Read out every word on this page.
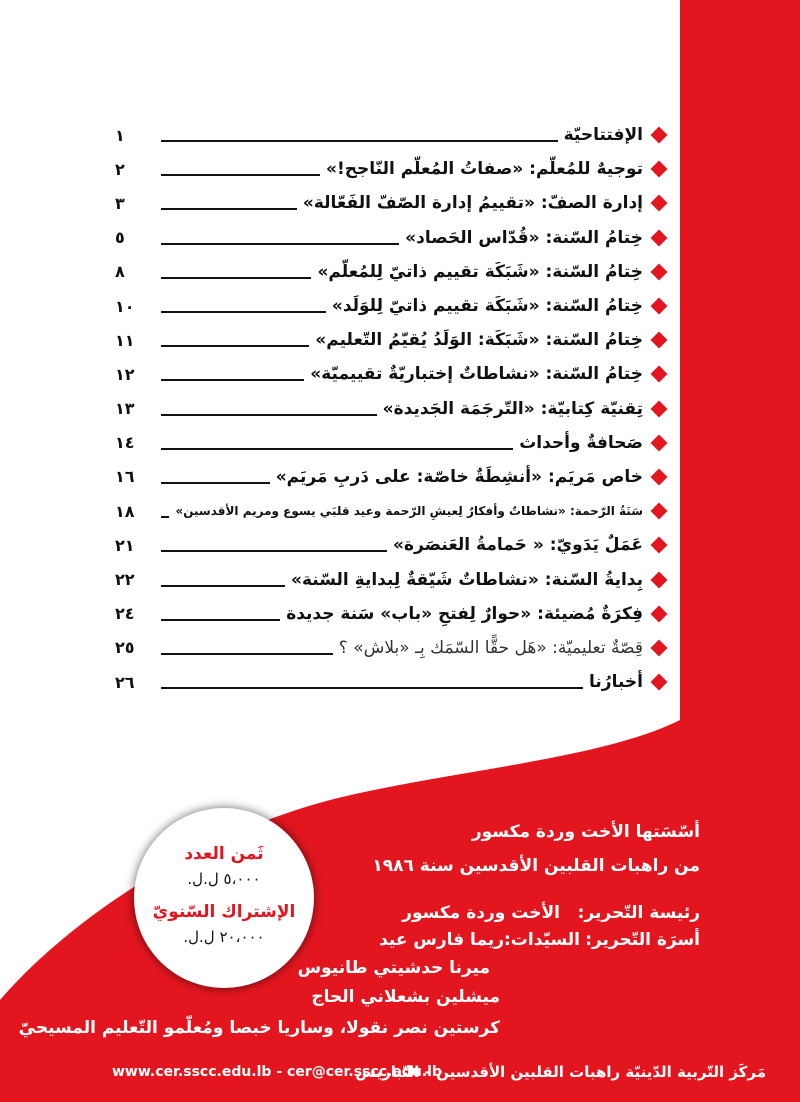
الإفتتاحيّة
١
توجيهٌ للمُعلّم: «صفاتُ المُعلّم النّاجح!»
٢
إدارة الصفّ: «تقييمُ إدارة الصّفّ الفَعّالة»
٣
خِتامُ السّنة: «قُدّاس الحَصاد»
٥
خِتامُ السّنة: «شَبَكَة تقييم ذاتيّ لِلمُعلّم»
٨
خِتامُ السّنة: «شَبَكَة تقييم ذاتيّ لِلوَلَد»
١٠
خِتامُ السّنة: «شَبَكَة: الوَلَدُ يُقيّمُ التّعليم»
١١
خِتامُ السّنة: «نشاطاتٌ إختباريّةٌ تقييميّة»
١٢
تِقنيّة كِتابيّة: «التّرجَمَة الجَديدة»
١٣
صَحافةٌ وأحداث
١٤
خاص مَريَم: «أنشِطَةٌ خاصّة: على دَربِ مَريَم»
١٦
سَنَةُ الرّحمة: «نشاطاتٌ وأفكارٌ لِعيشِ الرّحمة وعيد قلبَي يسوع ومريم الأقدسين»
١٨
عَمَلٌ يَدَويّ: « حَمامةُ العَنصَرة»
٢١
بِدايةُ السّنة: «نشاطاتٌ شَيّقةٌ لِبدايةِ السّنة»
٢٢
فِكرَةٌ مُضيئة: «حوارٌ لِفتحِ «باب» سَنة جديدة
٢٤
قِصّةٌ تعليميّة: «هَل حقًّا السّمَك بِـ «بلاش» ؟
٢٥
أخبارُنا
٢٦
أسّسَتها الأخت وردة مكسور
من راهبات القلبين الأقدسين سنة ١٩٨٦
رئيسة التّحرير:
الأخت وردة مكسور
أسرَة التّحرير:
السيّدات:ريما فارس عيد
ميرنا حدشيتي طانيوس
ميشلين بشعلاني الحاج
كرستين نصر نقولا، وساريا خبصا ومُعلّمو التّعليم المسيحيّ
ثَمن العدد
٥،٠٠٠ ل.ل.
الإشتراك السّنويّ
٢٠،٠٠٠ ل.ل.
www.cer.sscc.edu.lb - cer@cer.sscc.edu.lb
مَركَز التّربية الدّينيّة راهبات القلبين الأقدسين - التّباريس
